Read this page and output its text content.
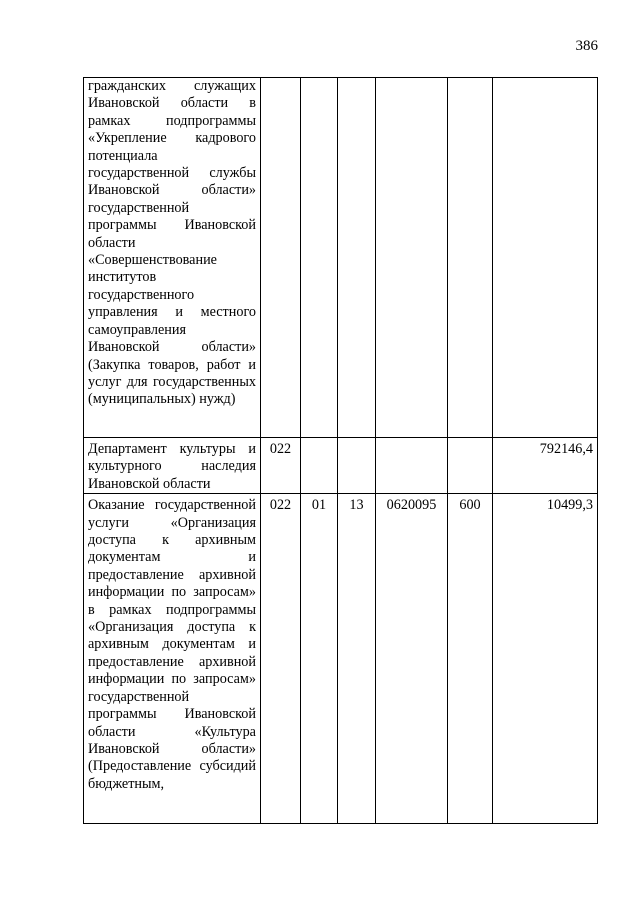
386
гражданских служащих Ивановской области в рамках подпрограммы «Укрепление кадрового потенциала государственной службы Ивановской области» государственной программы Ивановской области «Совершенствование институтов государственного управления и местного самоуправления Ивановской области» (Закупка товаров, работ и услуг для государственных (муниципальных) нужд)						
Департамент культуры и культурного наследия Ивановской области	022					792146,4
Оказание государственной услуги «Организация доступа к архивным документам и предоставление архивной информации по запросам» в рамках подпрограммы «Организация доступа к архивным документам и предоставление архивной информации по запросам» государственной программы Ивановской области «Культура Ивановской области» (Предоставление субсидий бюджетным,	022	01	13	0620095	600	10499,3
